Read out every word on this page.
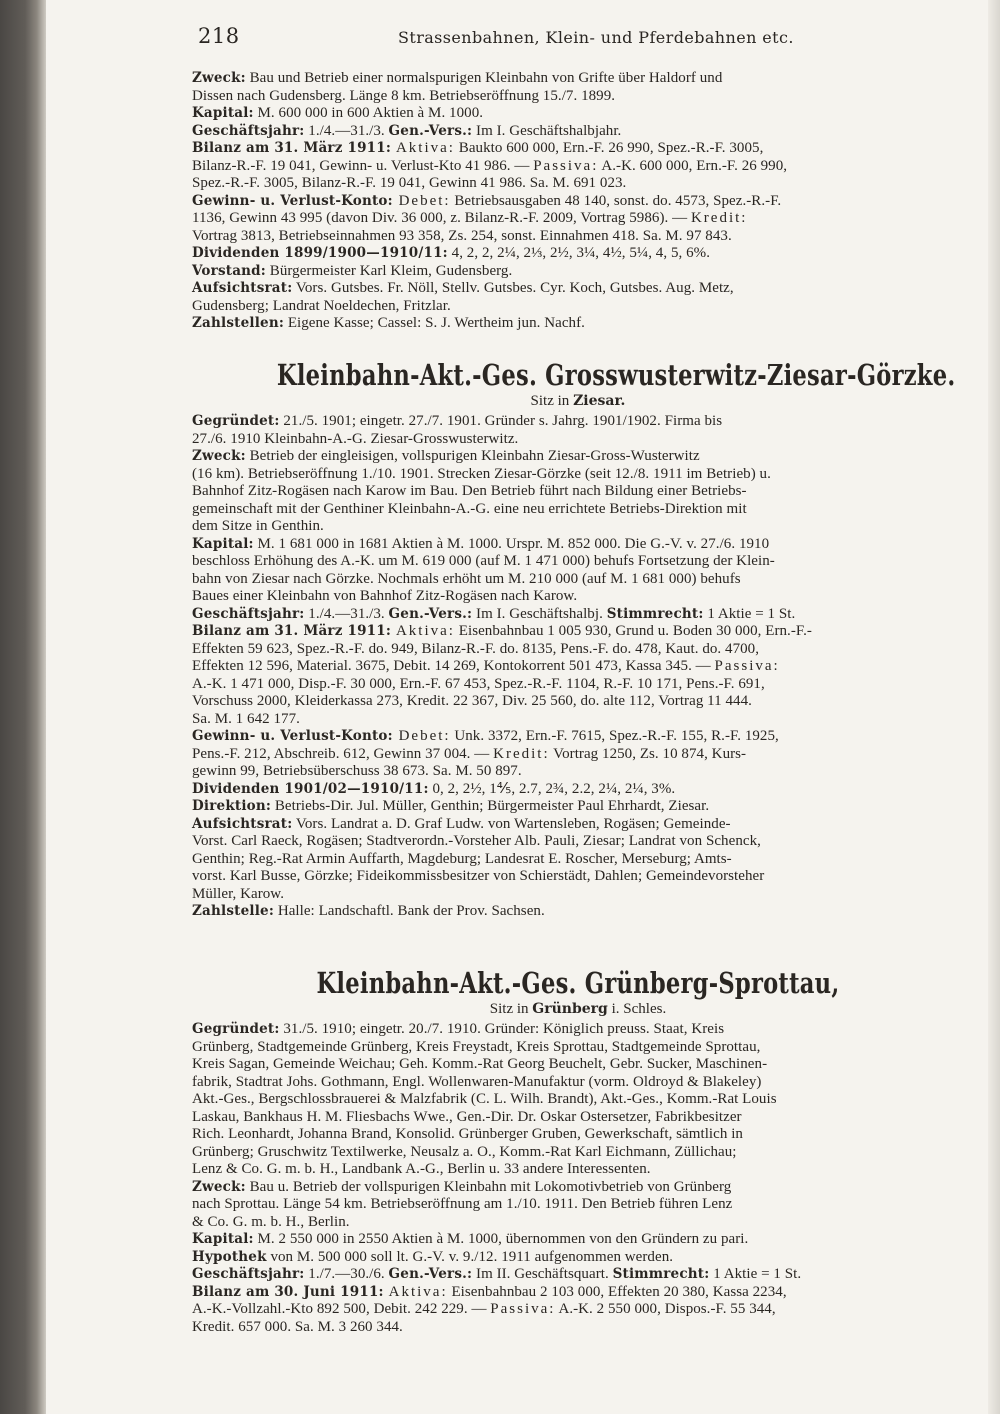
218	Strassenbahnen, Klein- und Pferdebahnen etc.
Zweck: Bau und Betrieb einer normalspurigen Kleinbahn von Grifte über Haldorf und
Dissen nach Gudensberg. Länge 8 km. Betriebseröffnung 15./7. 1899.
Kapital: M. 600 000 in 600 Aktien à M. 1000.
Geschäftsjahr: 1./4.—31./3. Gen.-Vers.: Im I. Geschäftshalbjahr.
Bilanz am 31. März 1911: Aktiva: Baukto 600 000, Ern.-F. 26 990, Spez.-R.-F. 3005,
Bilanz-R.-F. 19 041, Gewinn- u. Verlust-Kto 41 986. — Passiva: A.-K. 600 000, Ern.-F. 26 990,
Spez.-R.-F. 3005, Bilanz-R.-F. 19 041, Gewinn 41 986. Sa. M. 691 023.
Gewinn- u. Verlust-Konto: Debet: Betriebsausgaben 48 140, sonst. do. 4573, Spez.-R.-F.
1136, Gewinn 43 995 (davon Div. 36 000, z. Bilanz-R.-F. 2009, Vortrag 5986). — Kredit:
Vortrag 3813, Betriebseinnahmen 93 358, Zs. 254, sonst. Einnahmen 418. Sa. M. 97 843.
Dividenden 1899/1900—1910/11: 4, 2, 2, 2¼, 2⅓, 2½, 3¼, 4½, 5¼, 4, 5, 6%.
Vorstand: Bürgermeister Karl Kleim, Gudensberg.
Aufsichtsrat: Vors. Gutsbes. Fr. Nöll, Stellv. Gutsbes. Cyr. Koch, Gutsbes. Aug. Metz,
Gudensberg; Landrat Noeldechen, Fritzlar.
Zahlstellen: Eigene Kasse; Cassel: S. J. Wertheim jun. Nachf.
Kleinbahn-Akt.-Ges. Grosswusterwitz-Ziesar-Görzke.
Sitz in Ziesar.
Gegründet: 21./5. 1901; eingetr. 27./7. 1901. Gründer s. Jahrg. 1901/1902. Firma bis
27./6. 1910 Kleinbahn-A.-G. Ziesar-Grosswusterwitz.
Zweck: Betrieb der eingleisigen, vollspurigen Kleinbahn Ziesar-Gross-Wusterwitz
(16 km). Betriebseröffnung 1./10. 1901. Strecken Ziesar-Görzke (seit 12./8. 1911 im Betrieb) u.
Bahnhof Zitz-Rogäsen nach Karow im Bau. Den Betrieb führt nach Bildung einer Betriebs-
gemeinschaft mit der Genthiner Kleinbahn-A.-G. eine neu errichtete Betriebs-Direktion mit
dem Sitze in Genthin.
Kapital: M. 1 681 000 in 1681 Aktien à M. 1000. Urspr. M. 852 000. Die G.-V. v. 27./6. 1910
beschloss Erhöhung des A.-K. um M. 619 000 (auf M. 1 471 000) behufs Fortsetzung der Klein-
bahn von Ziesar nach Görzke. Nochmals erhöht um M. 210 000 (auf M. 1 681 000) behufs
Baues einer Kleinbahn von Bahnhof Zitz-Rogäsen nach Karow.
Geschäftsjahr: 1./4.—31./3. Gen.-Vers.: Im I. Geschäftshalbj. Stimmrecht: 1 Aktie = 1 St.
Bilanz am 31. März 1911: Aktiva: Eisenbahnbau 1 005 930, Grund u. Boden 30 000, Ern.-F.-
Effekten 59 623, Spez.-R.-F. do. 949, Bilanz-R.-F. do. 8135, Pens.-F. do. 478, Kaut. do. 4700,
Effekten 12 596, Material. 3675, Debit. 14 269, Kontokorrent 501 473, Kassa 345. — Passiva:
A.-K. 1 471 000, Disp.-F. 30 000, Ern.-F. 67 453, Spez.-R.-F. 1104, R.-F. 10 171, Pens.-F. 691,
Vorschuss 2000, Kleiderkassa 273, Kredit. 22 367, Div. 25 560, do. alte 112, Vortrag 11 444.
Sa. M. 1 642 177.
Gewinn- u. Verlust-Konto: Debet: Unk. 3372, Ern.-F. 7615, Spez.-R.-F. 155, R.-F. 1925,
Pens.-F. 212, Abschreib. 612, Gewinn 37 004. — Kredit: Vortrag 1250, Zs. 10 874, Kurs-
gewinn 99, Betriebsüberschuss 38 673. Sa. M. 50 897.
Dividenden 1901/02—1910/11: 0, 2, 2½, 1⅘, 2.7, 2¾, 2.2, 2¼, 2¼, 3%.
Direktion: Betriebs-Dir. Jul. Müller, Genthin; Bürgermeister Paul Ehrhardt, Ziesar.
Aufsichtsrat: Vors. Landrat a. D. Graf Ludw. von Wartensleben, Rogäsen; Gemeinde-
Vorst. Carl Raeck, Rogäsen; Stadtverordn.-Vorsteher Alb. Pauli, Ziesar; Landrat von Schenck,
Genthin; Reg.-Rat Armin Auffarth, Magdeburg; Landesrat E. Roscher, Merseburg; Amts-
vorst. Karl Busse, Görzke; Fideikommissbesitzer von Schierstädt, Dahlen; Gemeindevorsteher
Müller, Karow.
Zahlstelle: Halle: Landschaftl. Bank der Prov. Sachsen.
Kleinbahn-Akt.-Ges. Grünberg-Sprottau,
Sitz in Grünberg i. Schles.
Gegründet: 31./5. 1910; eingetr. 20./7. 1910. Gründer: Königlich preuss. Staat, Kreis
Grünberg, Stadtgemeinde Grünberg, Kreis Freystadt, Kreis Sprottau, Stadtgemeinde Sprottau,
Kreis Sagan, Gemeinde Weichau; Geh. Komm.-Rat Georg Beuchelt, Gebr. Sucker, Maschinen-
fabrik, Stadtrat Johs. Gothmann, Engl. Wollenwaren-Manufaktur (vorm. Oldroyd & Blakeley)
Akt.-Ges., Bergschlossbrauerei & Malzfabrik (C. L. Wilh. Brandt), Akt.-Ges., Komm.-Rat Louis
Laskau, Bankhaus H. M. Fliesbachs Wwe., Gen.-Dir. Dr. Oskar Ostersetzer, Fabrikbesitzer
Rich. Leonhardt, Johanna Brand, Konsolid. Grünberger Gruben, Gewerkschaft, sämtlich in
Grünberg; Gruschwitz Textilwerke, Neusalz a. O., Komm.-Rat Karl Eichmann, Züllichau;
Lenz & Co. G. m. b. H., Landbank A.-G., Berlin u. 33 andere Interessenten.
Zweck: Bau u. Betrieb der vollspurigen Kleinbahn mit Lokomotivbetrieb von Grünberg
nach Sprottau. Länge 54 km. Betriebseröffnung am 1./10. 1911. Den Betrieb führen Lenz
& Co. G. m. b. H., Berlin.
Kapital: M. 2 550 000 in 2550 Aktien à M. 1000, übernommen von den Gründern zu pari.
Hypothek von M. 500 000 soll lt. G.-V. v. 9./12. 1911 aufgenommen werden.
Geschäftsjahr: 1./7.—30./6. Gen.-Vers.: Im II. Geschäftsquart. Stimmrecht: 1 Aktie = 1 St.
Bilanz am 30. Juni 1911: Aktiva: Eisenbahnbau 2 103 000, Effekten 20 380, Kassa 2234,
A.-K.-Vollzahl.-Kto 892 500, Debit. 242 229. — Passiva: A.-K. 2 550 000, Dispos.-F. 55 344,
Kredit. 657 000. Sa. M. 3 260 344.
